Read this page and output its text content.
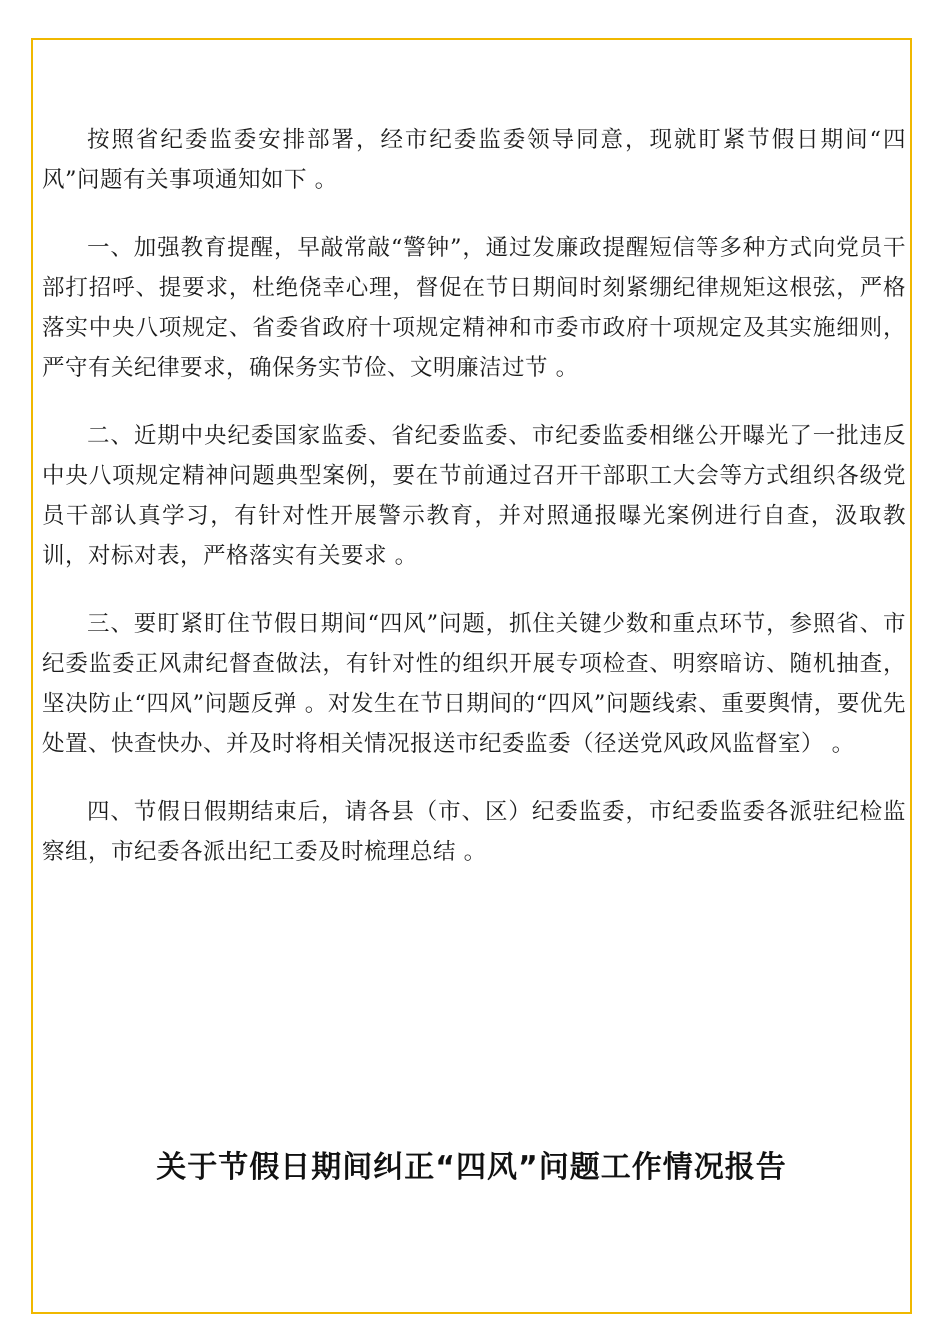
按照省纪委监委安排部署，经市纪委监委领导同意，现就盯紧节假日期间“四风”问题有关事项通知如下 。

一、加强教育提醒，早敲常敲“警钟”，通过发廉政提醒短信等多种方式向党员干部打招呼、提要求，杜绝侥幸心理，督促在节日期间时刻紧绷纪律规矩这根弦，严格落实中央八项规定、省委省政府十项规定精神和市委市政府十项规定及其实施细则，严守有关纪律要求，确保务实节俭、文明廉洁过节 。

二、近期中央纪委国家监委、省纪委监委、市纪委监委相继公开曝光了一批违反中央八项规定精神问题典型案例，要在节前通过召开干部职工大会等方式组织各级党员干部认真学习，有针对性开展警示教育，并对照通报曝光案例进行自查，汲取教训，对标对表，严格落实有关要求 。

三、要盯紧盯住节假日期间“四风”问题，抓住关键少数和重点环节，参照省、市纪委监委正风肃纪督查做法，有针对性的组织开展专项检查、明察暗访、随机抽查，坚决防止“四风”问题反弹 。对发生在节日期间的“四风”问题线索、重要舆情，要优先处置、快查快办、并及时将相关情况报送市纪委监委（径送党风政风监督室） 。

四、节假日假期结束后，请各县（市、区）纪委监委，市纪委监委各派驻纪检监察组，市纪委各派出纪工委及时梳理总结 。

关于节假日期间纠正“四风”问题工作情况报告
